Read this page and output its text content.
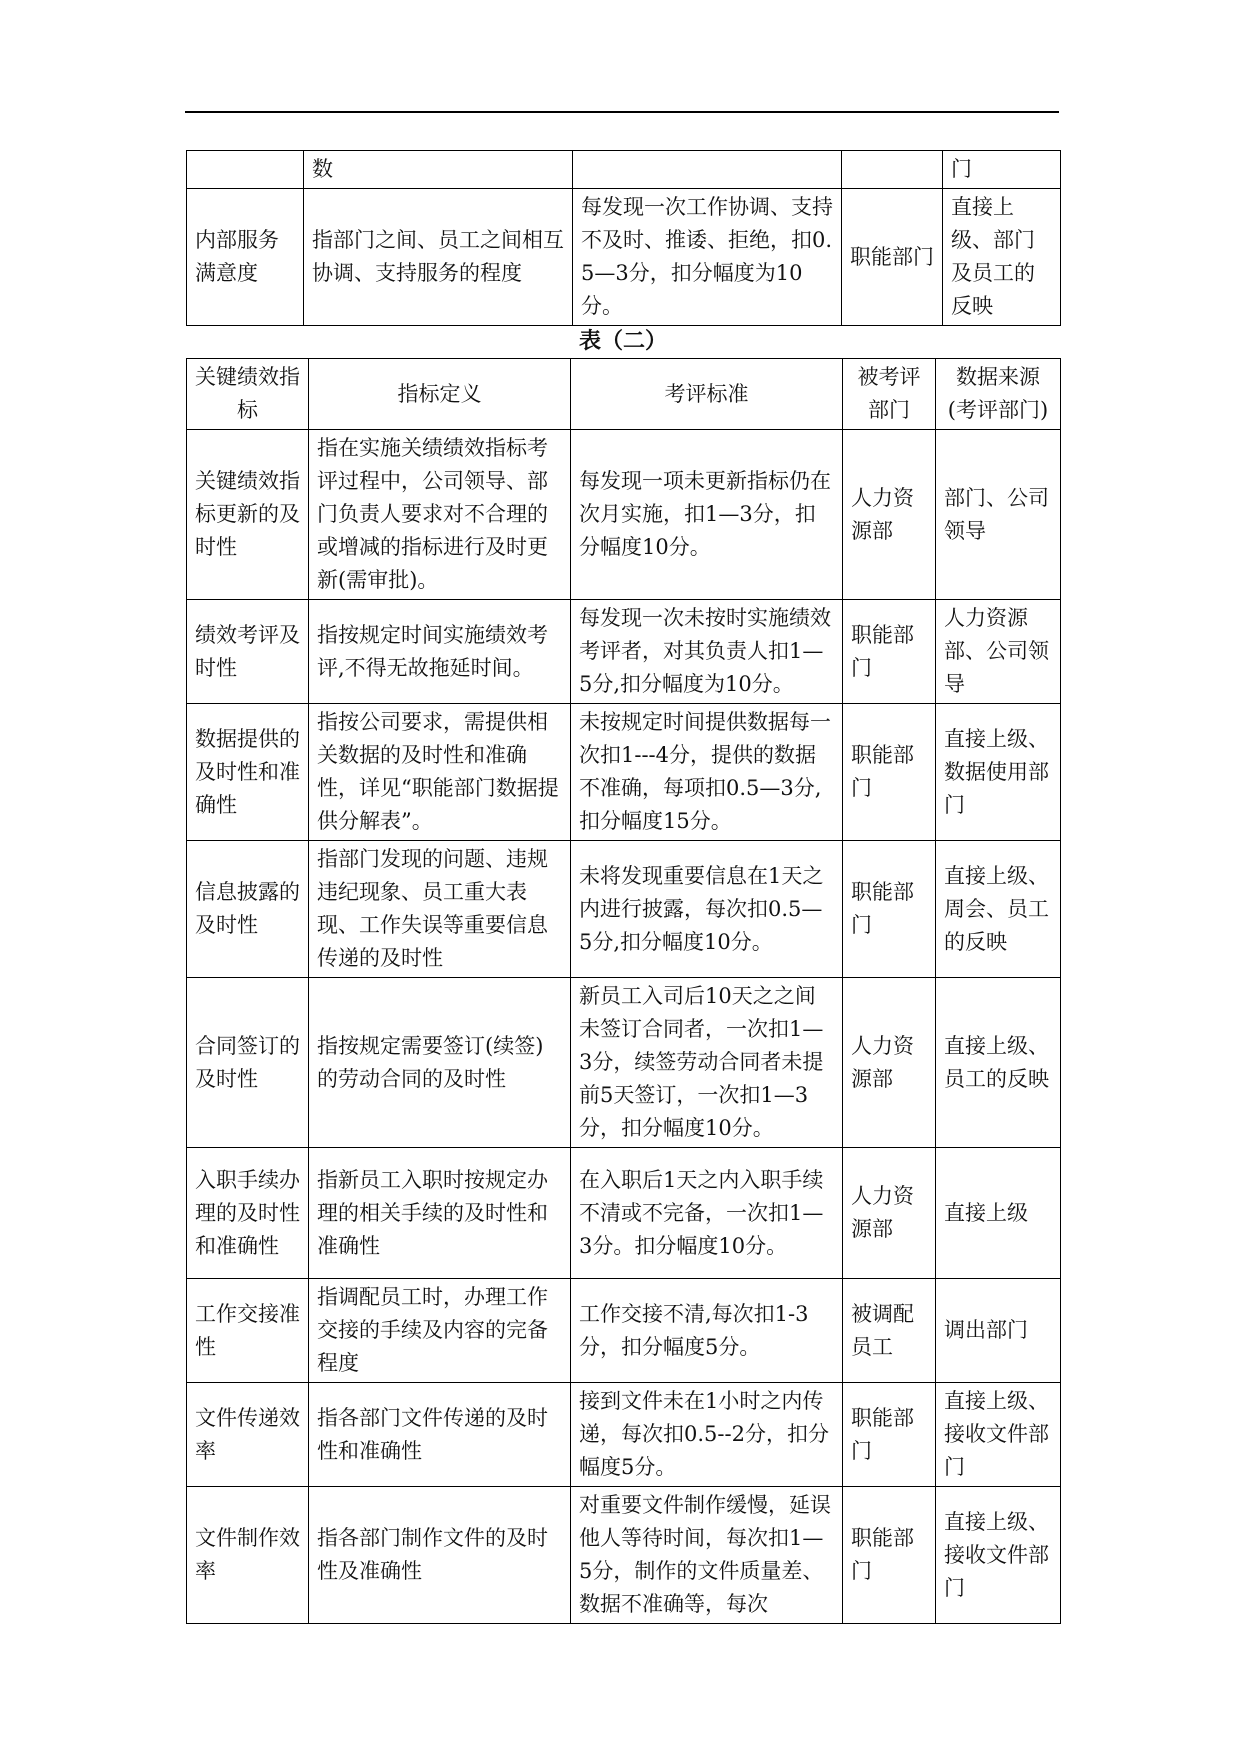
	数			门
内部服务满意度	指部门之间、员工之间相互协调、支持服务的程度	每发现一次工作协调、支持不及时、推诿、拒绝，扣0.5—3分，扣分幅度为10分。	职能部门	直接上级、部门及员工的反映
表（二）
关键绩效指标	指标定义	考评标准	被考评部门	数据来源(考评部门)
关键绩效指标更新的及时性	指在实施关绩绩效指标考评过程中，公司领导、部门负责人要求对不合理的或增减的指标进行及时更新(需审批)。	每发现一项未更新指标仍在次月实施，扣1—3分，扣分幅度10分。	人力资源部	部门、公司领导
绩效考评及时性	指按规定时间实施绩效考评,不得无故拖延时间。	每发现一次未按时实施绩效考评者，对其负责人扣1—5分,扣分幅度为10分。	职能部门	人力资源部、公司领导
数据提供的及时性和准确性	指按公司要求，需提供相关数据的及时性和准确性，详见“职能部门数据提供分解表”。	未按规定时间提供数据每一次扣1---4分，提供的数据不准确，每项扣0.5—3分,扣分幅度15分。	职能部门	直接上级、数据使用部门
信息披露的及时性	指部门发现的问题、违规违纪现象、员工重大表现、工作失误等重要信息传递的及时性	未将发现重要信息在1天之内进行披露，每次扣0.5—5分,扣分幅度10分。	职能部门	直接上级、周会、员工的反映
合同签订的及时性	指按规定需要签订(续签)的劳动合同的及时性	新员工入司后10天之之间未签订合同者，一次扣1—3分，续签劳动合同者未提前5天签订，一次扣1—3分，扣分幅度10分。	人力资源部	直接上级、员工的反映
入职手续办理的及时性和准确性	指新员工入职时按规定办理的相关手续的及时性和准确性	在入职后1天之内入职手续不清或不完备，一次扣1—3分。扣分幅度10分。	人力资源部	直接上级
工作交接准性	指调配员工时，办理工作交接的手续及内容的完备程度	工作交接不清,每次扣1-3分，扣分幅度5分。	被调配员工	调出部门
文件传递效率	指各部门文件传递的及时性和准确性	接到文件未在1小时之内传递，每次扣0.5--2分，扣分幅度5分。	职能部门	直接上级、接收文件部门
文件制作效率	指各部门制作文件的及时性及准确性	对重要文件制作缓慢，延误他人等待时间，每次扣1—5分，制作的文件质量差、数据不准确等，每次	职能部门	直接上级、接收文件部门
